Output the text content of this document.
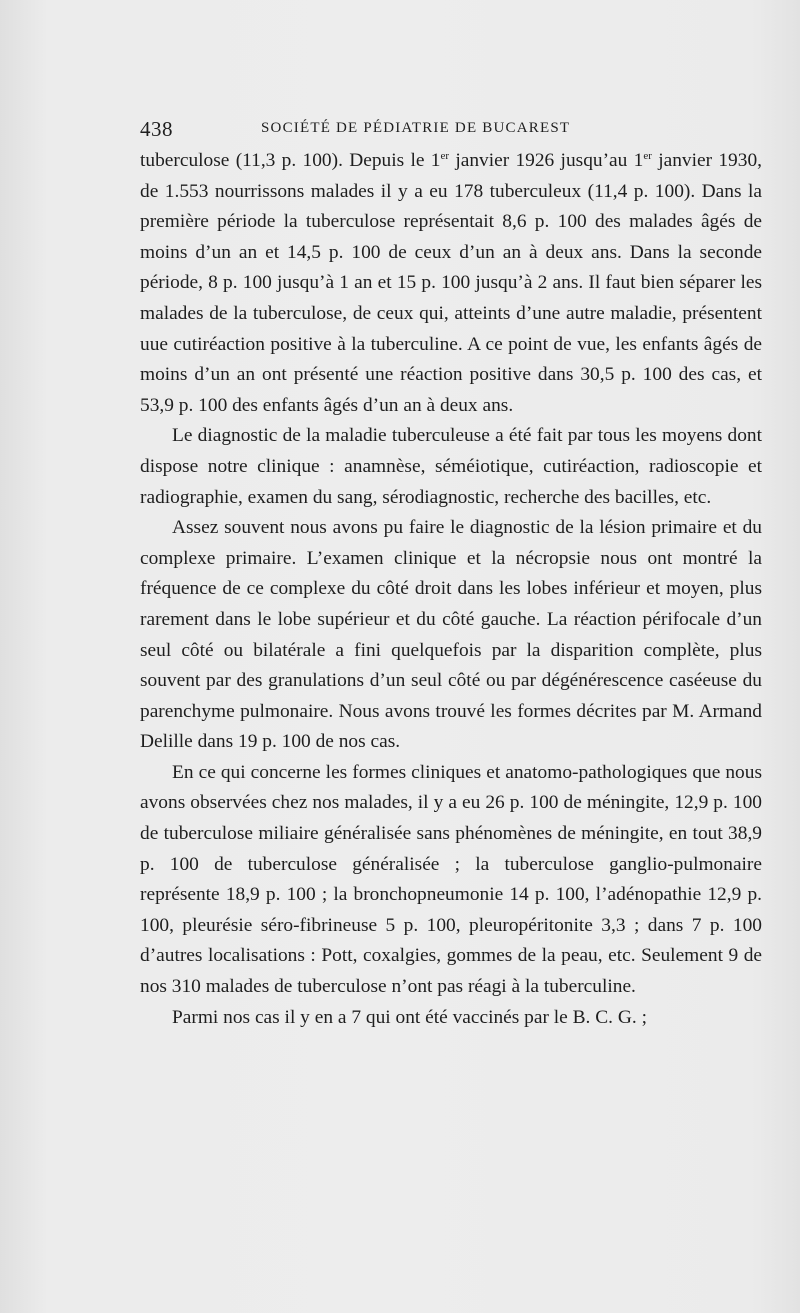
438	SOCIÉTÉ DE PÉDIATRIE DE BUCAREST

tuberculose (11,3 p. 100). Depuis le 1er janvier 1926 jusqu’au 1er janvier 1930, de 1.553 nourrissons malades il y a eu 178 tuberculeux (11,4 p. 100). Dans la première période la tuberculose représentait 8,6 p. 100 des malades âgés de moins d’un an et 14,5 p. 100 de ceux d’un an à deux ans. Dans la seconde période, 8 p. 100 jusqu’à 1 an et 15 p. 100 jusqu’à 2 ans. Il faut bien séparer les malades de la tuberculose, de ceux qui, atteints d’une autre maladie, présentent uue cutiréaction positive à la tuberculine. A ce point de vue, les enfants âgés de moins d’un an ont présenté une réaction positive dans 30,5 p. 100 des cas, et 53,9 p. 100 des enfants âgés d’un an à deux ans.

Le diagnostic de la maladie tuberculeuse a été fait par tous les moyens dont dispose notre clinique : anamnèse, séméiotique, cutiréaction, radioscopie et radiographie, examen du sang, sérodiagnostic, recherche des bacilles, etc.

Assez souvent nous avons pu faire le diagnostic de la lésion primaire et du complexe primaire. L’examen clinique et la nécropsie nous ont montré la fréquence de ce complexe du côté droit dans les lobes inférieur et moyen, plus rarement dans le lobe supérieur et du côté gauche. La réaction périfocale d’un seul côté ou bilatérale a fini quelquefois par la disparition complète, plus souvent par des granulations d’un seul côté ou par dégénérescence caséeuse du parenchyme pulmonaire. Nous avons trouvé les formes décrites par M. Armand Delille dans 19 p. 100 de nos cas.

En ce qui concerne les formes cliniques et anatomo-pathologiques que nous avons observées chez nos malades, il y a eu 26 p. 100 de méningite, 12,9 p. 100 de tuberculose miliaire généralisée sans phénomènes de méningite, en tout 38,9 p. 100 de tuberculose généralisée ; la tuberculose ganglio-pulmonaire représente 18,9 p. 100 ; la bronchopneumonie 14 p. 100, l’adénopathie 12,9 p. 100, pleurésie séro-fibrineuse 5 p. 100, pleuropéritonite 3,3 ; dans 7 p. 100 d’autres localisations : Pott, coxalgies, gommes de la peau, etc. Seulement 9 de nos 310 malades de tuberculose n’ont pas réagi à la tuberculine.

Parmi nos cas il y en a 7 qui ont été vaccinés par le B. C. G. ;
